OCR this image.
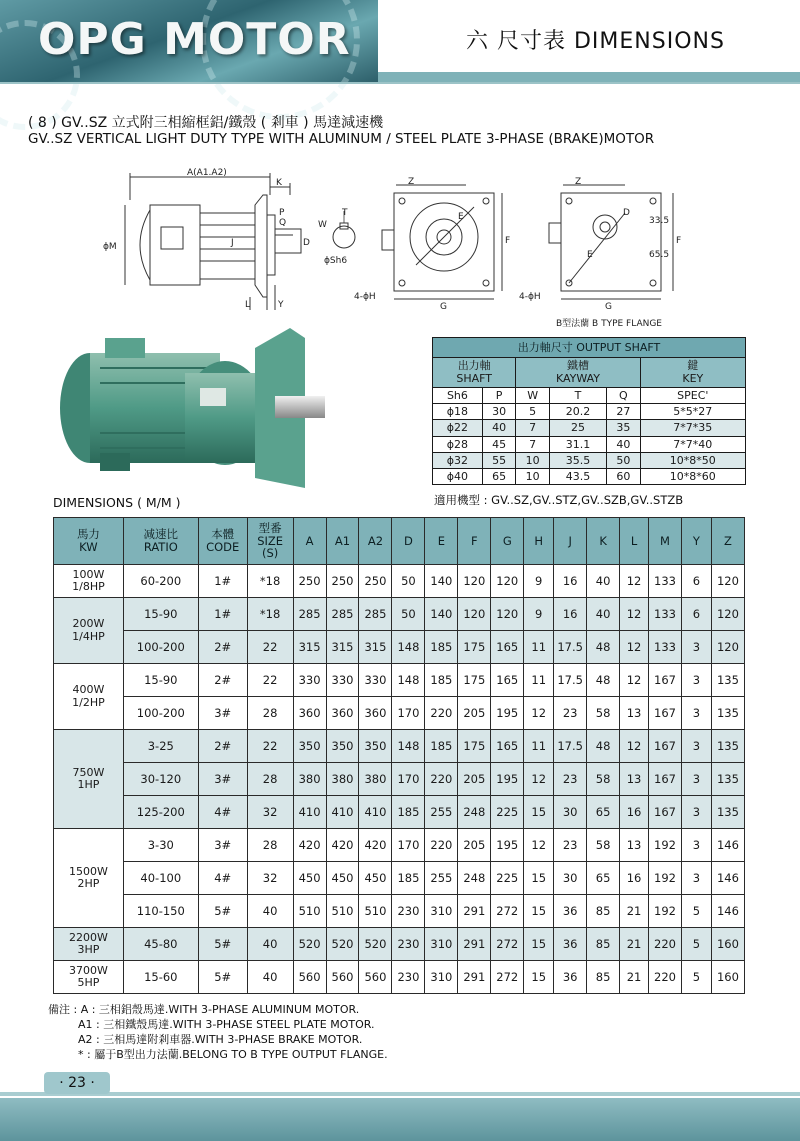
OPG MOTOR	六 尺寸表 DIMENSIONS
( 8 ) GV..SZ 立式附三相縮框鋁/鐵殼 ( 剎車 ) 馬達減速機
GV..SZ VERTICAL LIGHT DUTY TYPE WITH ALUMINUM / STEEL PLATE 3-PHASE (BRAKE)MOTOR
A(A1.A2)
K
ϕM	J
P
Q
D
L	Y
W
T
ϕSh6
Z
E
F
G
4-ϕH
Z
D
E
F
G
4-ϕH
33.5
65.5
B型法蘭 B TYPE FLANGE
出力軸尺寸 OUTPUT SHAFT					
出力軸
SHAFT		鐵槽
KAYWAY			鍵
KEY
Sh6	P	W	T	Q	SPEC'
ϕ18	30	5	20.2	27	5*5*27
ϕ22	40	7	25	35	7*7*35
ϕ28	45	7	31.1	40	7*7*40
ϕ32	55	10	35.5	50	10*8*50
ϕ40	65	10	43.5	60	10*8*60
適用機型 : GV..SZ,GV..STZ,GV..SZB,GV..STZB
DIMENSIONS ( M/M )
馬力
KW	减速比
RATIO	本體
CODE	型番
SIZE
(S)	A	A1	A2	D	E	F	G	H	J	K	L	M	Y	Z
100W
1/8HP	60-200	1#	*18	250	250	250	50	140	120	120	9	16	40	12	133	6	120
200W
1/4HP	15-90	1#	*18	285	285	285	50	140	120	120	9	16	40	12	133	6	120
	100-200	2#	22	315	315	315	148	185	175	165	11	17.5	48	12	133	3	120
400W
1/2HP	15-90	2#	22	330	330	330	148	185	175	165	11	17.5	48	12	167	3	135
	100-200	3#	28	360	360	360	170	220	205	195	12	23	58	13	167	3	135
750W
1HP	3-25	2#	22	350	350	350	148	185	175	165	11	17.5	48	12	167	3	135
	30-120	3#	28	380	380	380	170	220	205	195	12	23	58	13	167	3	135
	125-200	4#	32	410	410	410	185	255	248	225	15	30	65	16	167	3	135
1500W
2HP	3-30	3#	28	420	420	420	170	220	205	195	12	23	58	13	192	3	146
	40-100	4#	32	450	450	450	185	255	248	225	15	30	65	16	192	3	146
	110-150	5#	40	510	510	510	230	310	291	272	15	36	85	21	192	5	146
2200W
3HP	45-80	5#	40	520	520	520	230	310	291	272	15	36	85	21	220	5	160
3700W
5HP	15-60	5#	40	560	560	560	230	310	291	272	15	36	85	21	220	5	160
備注 : A : 三相鋁殼馬達.WITH 3-PHASE ALUMINUM MOTOR.
A1 : 三相鐵殼馬達.WITH 3-PHASE STEEL PLATE MOTOR.
A2 : 三相馬達附剎車器.WITH 3-PHASE BRAKE MOTOR.
* : 屬于B型出力法蘭.BELONG TO B TYPE OUTPUT FLANGE.
· 23 ·
